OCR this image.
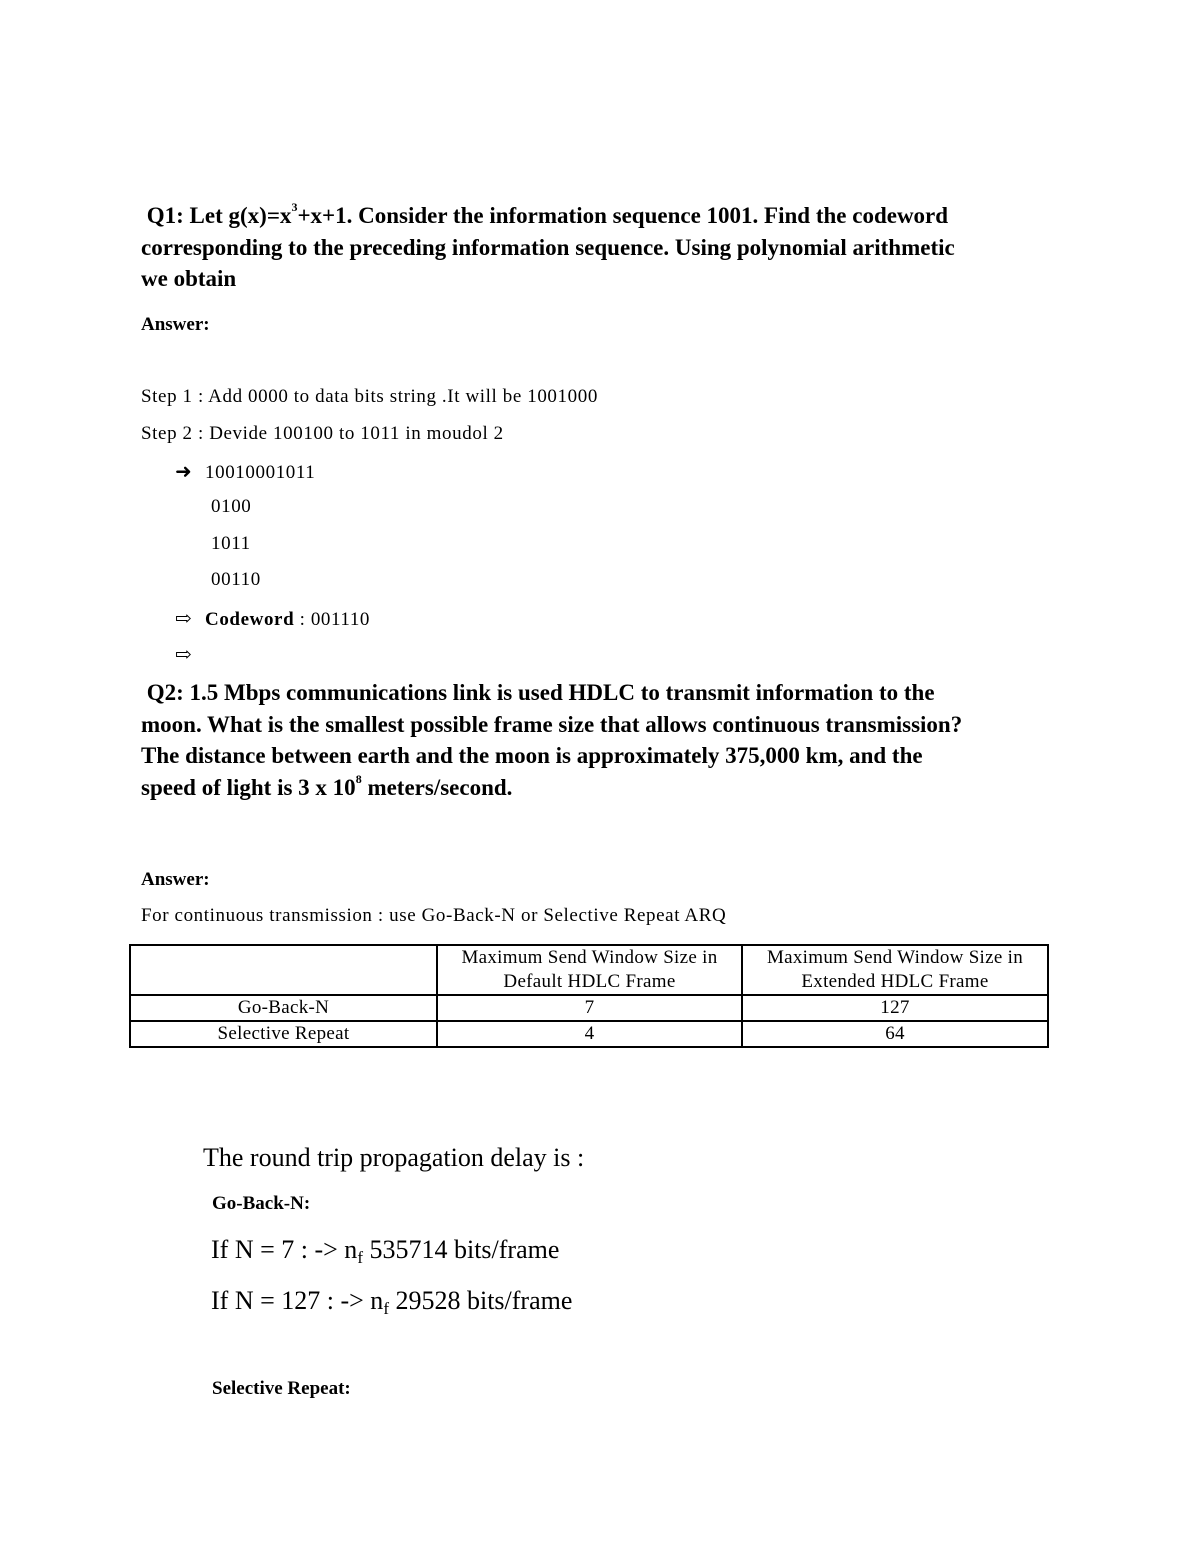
Q1: Let $g(x)=x^3+x+1$. Consider the information sequence 1001. Find the codeword
corresponding to the preceding information sequence. Using polynomial arithmetic
we obtain
Answer:
Step 1 : Add 0000 to data bits string .It will be 1001000
Step 2 : Devide 100100 to 1011 in moudol 2
➜ 10010001011
0100
1011
00110
⇨ Codeword : 001110
⇨
Q2: 1.5 Mbps communications link is used HDLC to transmit information to the
moon. What is the smallest possible frame size that allows continuous transmission?
The distance between earth and the moon is approximately 375,000 km, and the
speed of light is 3 x $10^8$ meters/second.
Answer:
For continuous transmission : use Go-Back-N or Selective Repeat ARQ
	Maximum Send Window Size in Default HDLC Frame	Maximum Send Window Size in Extended HDLC Frame
Go-Back-N	7	127
Selective Repeat	4	64
The round trip propagation delay is :
Go-Back-N:
If N = 7 : -> nf 535714 bits/frame
If N = 127 : -> nf 29528 bits/frame
Selective Repeat:
